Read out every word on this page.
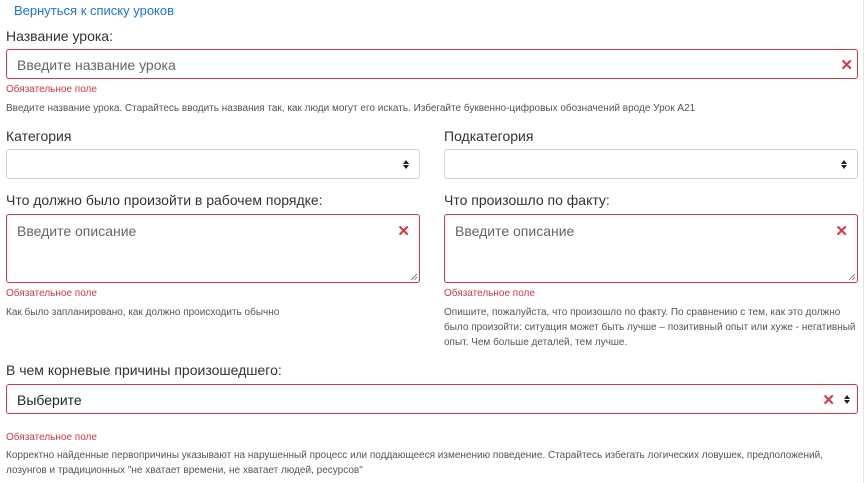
Вернуться к списку уроков
Название урока:
Введите название урока	✕
Обязательное поле
Введите название урока. Старайтесь вводить названия так, как люди могут его искать. Избегайте буквенно-цифровых обозначений вроде Урок А21
Категория	Подкатегория
Что должно было произойти в рабочем порядке:
Введите описание	✕
Обязательное поле
Как было запланировано, как должно происходить обычно
Что произошло по факту:
Введите описание	✕
Обязательное поле
Опишите, пожалуйста, что произошло по факту. По сравнению с тем, как это должно
было произойти: ситуация может быть лучше – позитивный опыт или хуже - негативный
опыт. Чем больше деталей, тем лучше.
В чем корневые причины произошедшего:
Выберите	✕
Обязательное поле
Корректно найденные первопричины указывают на нарушенный процесс или поддающееся изменению поведение. Старайтесь избегать логических ловушек, предположений,
лозунгов и традиционных "не хватает времени, не хватает людей, ресурсов"
